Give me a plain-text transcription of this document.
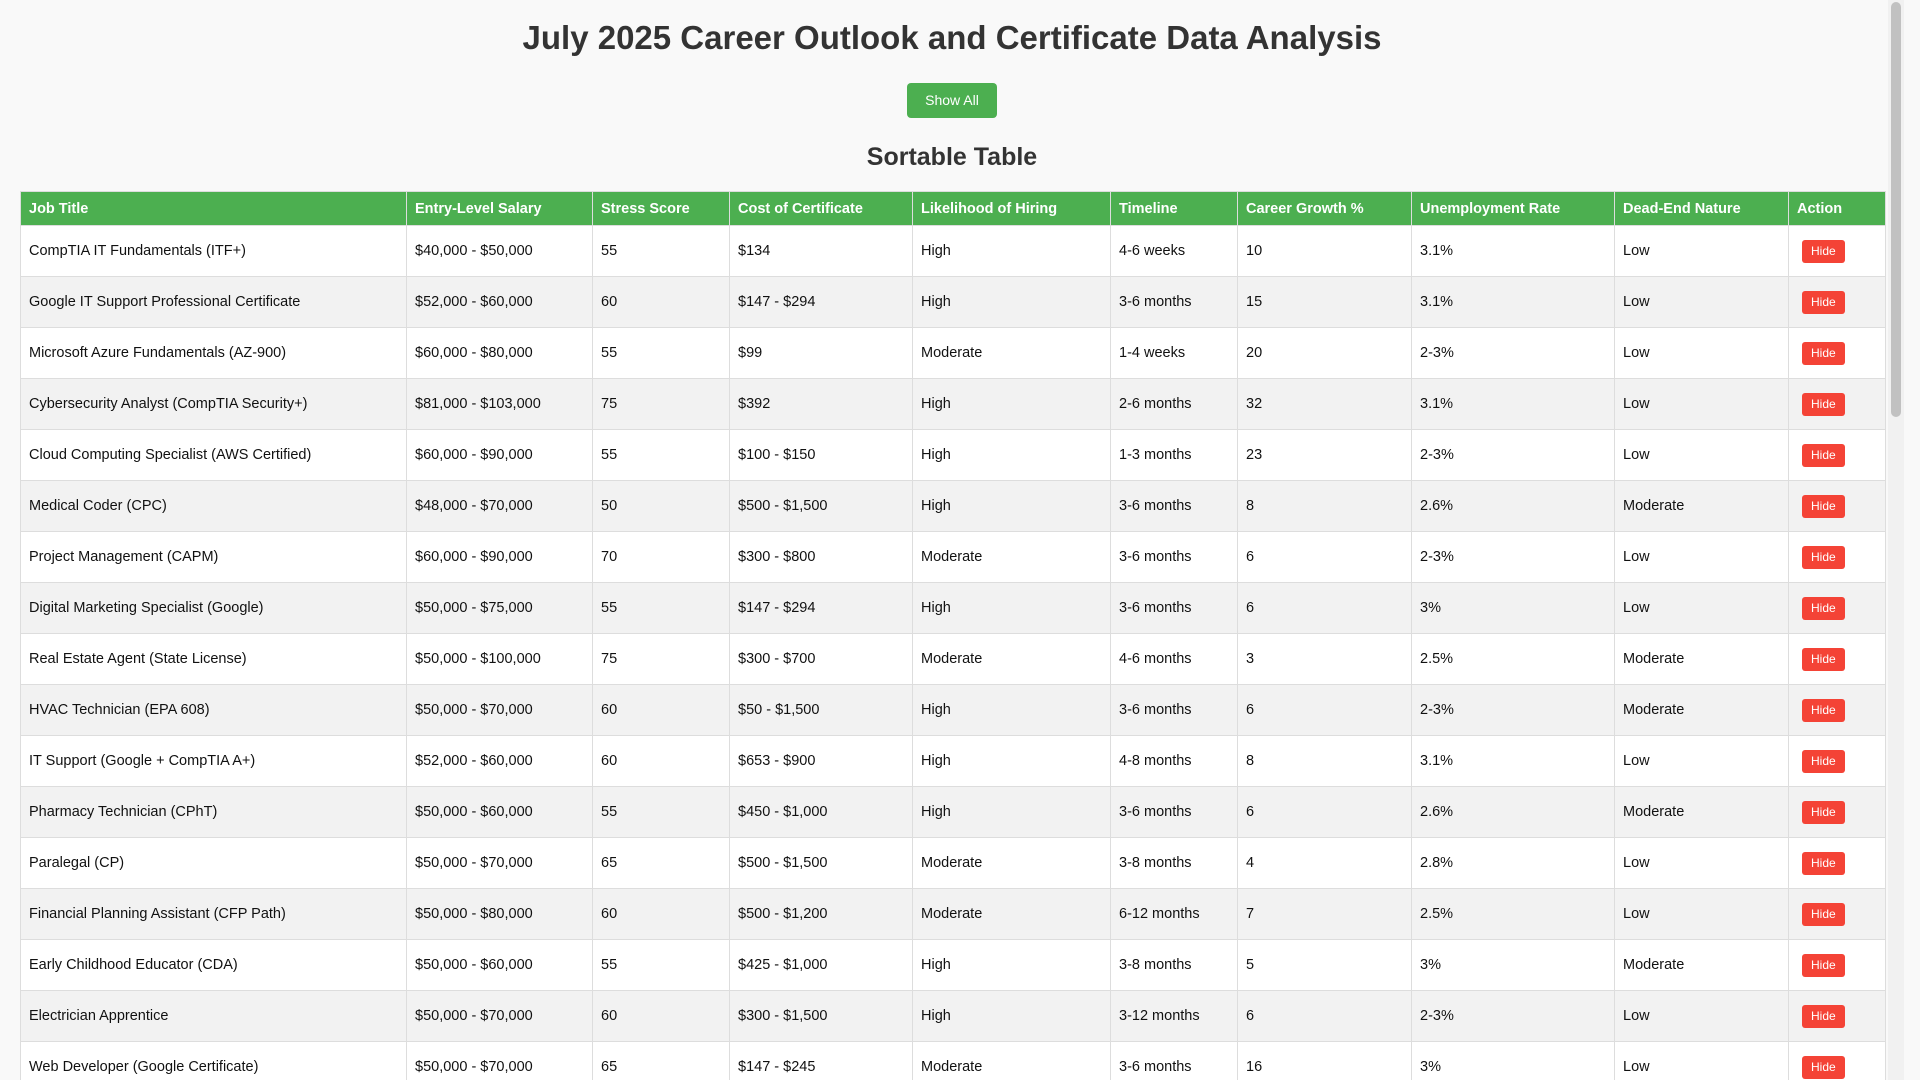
July 2025 Career Outlook and Certificate Data Analysis
Show All
Sortable Table
Job Title	Entry-Level Salary	Stress Score	Cost of Certificate	Likelihood of Hiring	Timeline	Career Growth %	Unemployment Rate	Dead-End Nature	Action
CompTIA IT Fundamentals (ITF+)	$40,000 - $50,000	55	$134	High	4-6 weeks	10	3.1%	Low	Hide
Google IT Support Professional Certificate	$52,000 - $60,000	60	$147 - $294	High	3-6 months	15	3.1%	Low	Hide
Microsoft Azure Fundamentals (AZ-900)	$60,000 - $80,000	55	$99	Moderate	1-4 weeks	20	2-3%	Low	Hide
Cybersecurity Analyst (CompTIA Security+)	$81,000 - $103,000	75	$392	High	2-6 months	32	3.1%	Low	Hide
Cloud Computing Specialist (AWS Certified)	$60,000 - $90,000	55	$100 - $150	High	1-3 months	23	2-3%	Low	Hide
Medical Coder (CPC)	$48,000 - $70,000	50	$500 - $1,500	High	3-6 months	8	2.6%	Moderate	Hide
Project Management (CAPM)	$60,000 - $90,000	70	$300 - $800	Moderate	3-6 months	6	2-3%	Low	Hide
Digital Marketing Specialist (Google)	$50,000 - $75,000	55	$147 - $294	High	3-6 months	6	3%	Low	Hide
Real Estate Agent (State License)	$50,000 - $100,000	75	$300 - $700	Moderate	4-6 months	3	2.5%	Moderate	Hide
HVAC Technician (EPA 608)	$50,000 - $70,000	60	$50 - $1,500	High	3-6 months	6	2-3%	Moderate	Hide
IT Support (Google + CompTIA A+)	$52,000 - $60,000	60	$653 - $900	High	4-8 months	8	3.1%	Low	Hide
Pharmacy Technician (CPhT)	$50,000 - $60,000	55	$450 - $1,000	High	3-6 months	6	2.6%	Moderate	Hide
Paralegal (CP)	$50,000 - $70,000	65	$500 - $1,500	Moderate	3-8 months	4	2.8%	Low	Hide
Financial Planning Assistant (CFP Path)	$50,000 - $80,000	60	$500 - $1,200	Moderate	6-12 months	7	2.5%	Low	Hide
Early Childhood Educator (CDA)	$50,000 - $60,000	55	$425 - $1,000	High	3-8 months	5	3%	Moderate	Hide
Electrician Apprentice	$50,000 - $70,000	60	$300 - $1,500	High	3-12 months	6	2-3%	Low	Hide
Web Developer (Google Certificate)	$50,000 - $70,000	65	$147 - $245	Moderate	3-6 months	16	3%	Low	Hide
